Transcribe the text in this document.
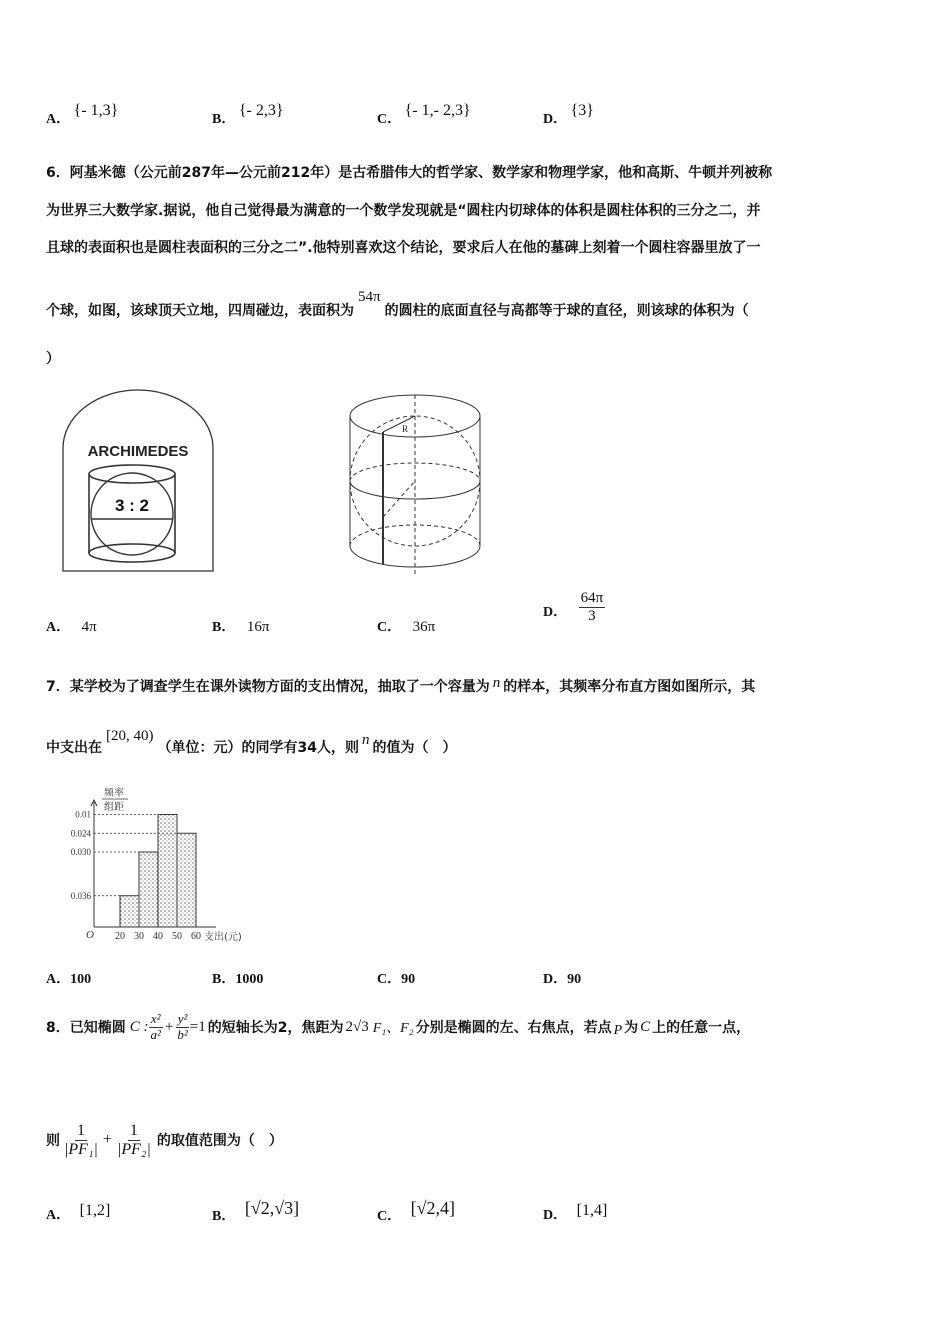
A． {- 1,3}
B． {- 2,3}
C． {- 1,- 2,3}
D． {3}
6．阿基米德（公元前287年—公元前212年）是古希腊伟大的哲学家、数学家和物理学家，他和高斯、牛顿并列被称
为世界三大数学家.据说，他自己觉得最为满意的一个数学发现就是“圆柱内切球体的体积是圆柱体积的三分之二，并
且球的表面积也是圆柱表面积的三分之二”.他特别喜欢这个结论，要求后人在他的墓碑上刻着一个圆柱容器里放了一
个球，如图，该球顶天立地，四周碰边，表面积为54π的圆柱的底面直径与高都等于球的直径，则该球的体积为（
）
ARCHIMEDES
3 : 2
R
A． 4π	B． 16π	C． 36π
D． $\frac{64\pi}{3}$
7．某学校为了调查学生在课外读物方面的支出情况，抽取了一个容量为 n 的样本，其频率分布直方图如图所示，其
中支出在[20, 40)（单位：元）的同学有34人，则 n 的值为（　）
频率
组距
O	支出(元)
0.036
0.030
0.024
0.01
20 30 40 50 60
A．100	B．1000	C．90	D．90
8．已知椭圆 C : $\frac{\text{x²}}{\text{a²}} + \frac{\text{y²}}{\text{b²}} =1$ 的短轴长为2，焦距为 2√3 F₁、F₂ 分别是椭圆的左、右焦点，若点 P 为 C 上的任意一点，
则 $\frac{1}{\text{|PF₁|}} + \frac{1}{\text{|PF₂|}}$ 的取值范围为（　）
A． [1,2]	B． [√2,√3]	C． [√2,4]	D． [1,4]
